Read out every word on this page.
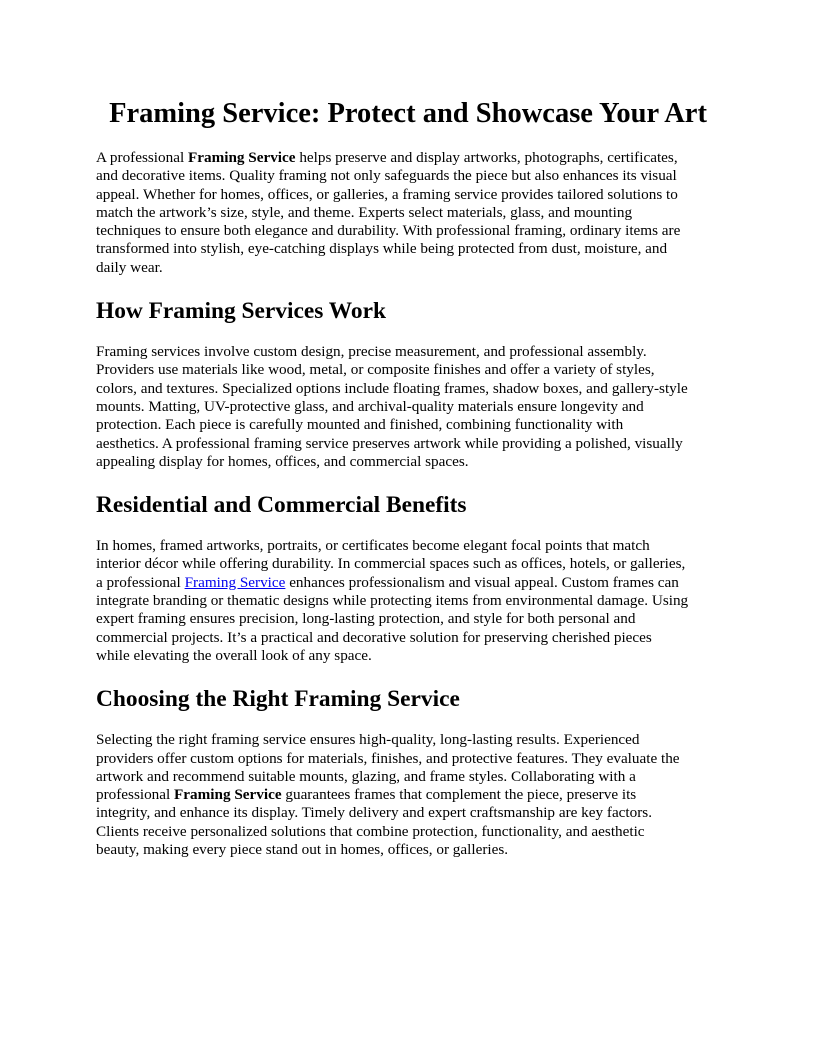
Framing Service: Protect and Showcase Your Art

A professional Framing Service helps preserve and display artworks, photographs, certificates,
and decorative items. Quality framing not only safeguards the piece but also enhances its visual
appeal. Whether for homes, offices, or galleries, a framing service provides tailored solutions to
match the artwork’s size, style, and theme. Experts select materials, glass, and mounting
techniques to ensure both elegance and durability. With professional framing, ordinary items are
transformed into stylish, eye-catching displays while being protected from dust, moisture, and
daily wear.

How Framing Services Work

Framing services involve custom design, precise measurement, and professional assembly.
Providers use materials like wood, metal, or composite finishes and offer a variety of styles,
colors, and textures. Specialized options include floating frames, shadow boxes, and gallery-style
mounts. Matting, UV-protective glass, and archival-quality materials ensure longevity and
protection. Each piece is carefully mounted and finished, combining functionality with
aesthetics. A professional framing service preserves artwork while providing a polished, visually
appealing display for homes, offices, and commercial spaces.

Residential and Commercial Benefits

In homes, framed artworks, portraits, or certificates become elegant focal points that match
interior décor while offering durability. In commercial spaces such as offices, hotels, or galleries,
a professional Framing Service enhances professionalism and visual appeal. Custom frames can
integrate branding or thematic designs while protecting items from environmental damage. Using
expert framing ensures precision, long-lasting protection, and style for both personal and
commercial projects. It’s a practical and decorative solution for preserving cherished pieces
while elevating the overall look of any space.

Choosing the Right Framing Service

Selecting the right framing service ensures high-quality, long-lasting results. Experienced
providers offer custom options for materials, finishes, and protective features. They evaluate the
artwork and recommend suitable mounts, glazing, and frame styles. Collaborating with a
professional Framing Service guarantees frames that complement the piece, preserve its
integrity, and enhance its display. Timely delivery and expert craftsmanship are key factors.
Clients receive personalized solutions that combine protection, functionality, and aesthetic
beauty, making every piece stand out in homes, offices, or galleries.
